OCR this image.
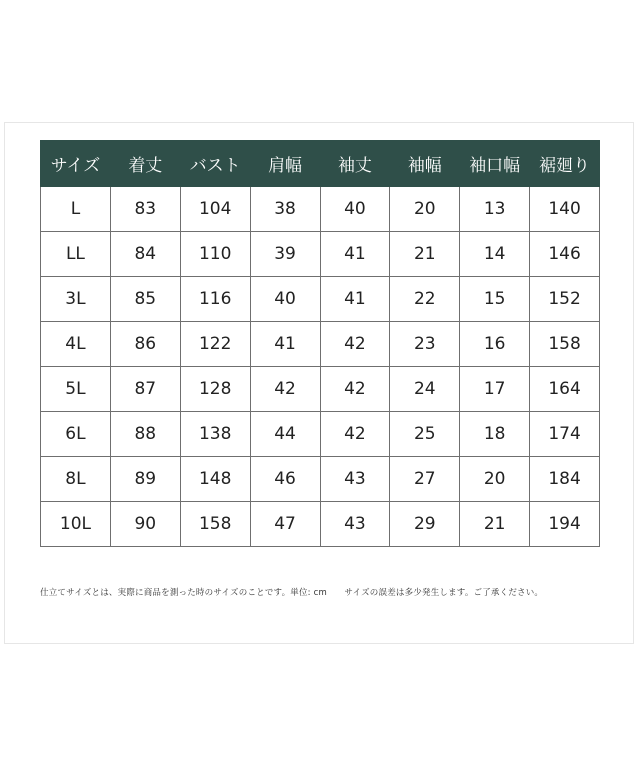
サイズ	着丈	バスト	肩幅	袖丈	袖幅	袖口幅	裾廻り
L	83	104	38	40	20	13	140
LL	84	110	39	41	21	14	146
3L	85	116	40	41	22	15	152
4L	86	122	41	42	23	16	158
5L	87	128	42	42	24	17	164
6L	88	138	44	42	25	18	174
8L	89	148	46	43	27	20	184
10L	90	158	47	43	29	21	194
仕立てサイズとは、実際に商品を測った時のサイズのことです。単位: cm　　サイズの誤差は多少発生します。ご了承ください。
